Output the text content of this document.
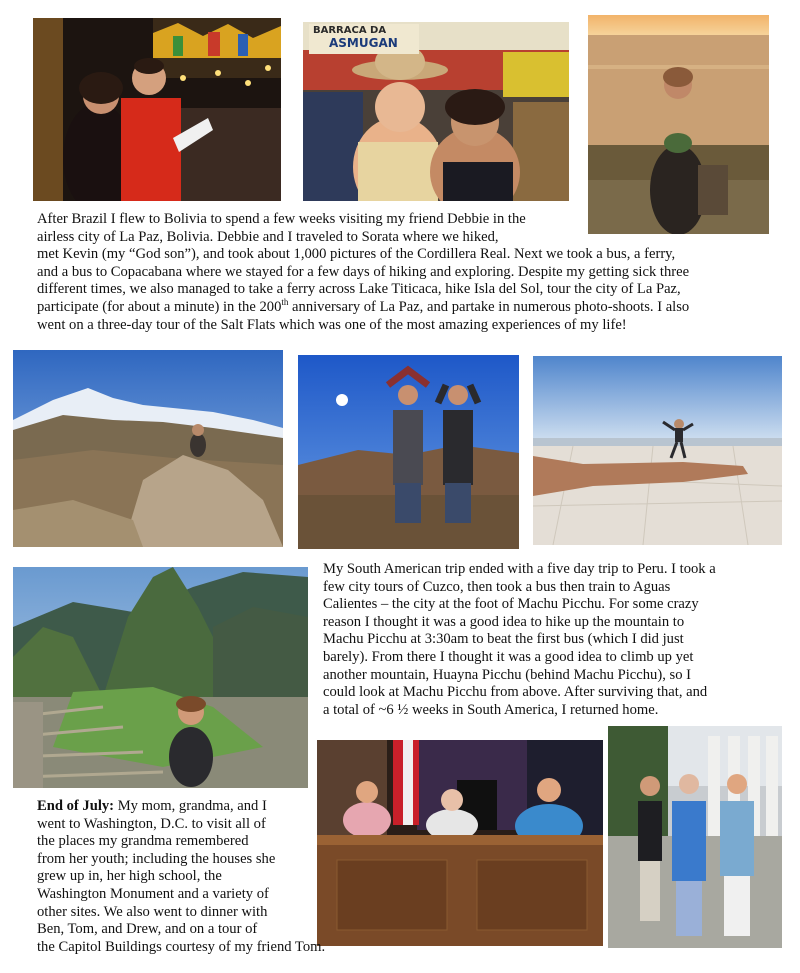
BARRACA DA
ASMUGAN
After Brazil I flew to Bolivia to spend a few weeks visiting my friend Debbie in the
airless city of La Paz, Bolivia. Debbie and I traveled to Sorata where we hiked,
met Kevin (my “God son”), and took about 1,000 pictures of the Cordillera Real. Next we took a bus, a ferry,
and a bus to Copacabana where we stayed for a few days of hiking and exploring. Despite my getting sick three
different times, we also managed to take a ferry across Lake Titicaca, hike Isla del Sol, tour the city of La Paz,
participate (for about a minute) in the 200th anniversary of La Paz, and partake in numerous photo-shoots. I also
went on a three-day tour of the Salt Flats which was one of the most amazing experiences of my life!
My South American trip ended with a five day trip to Peru. I took a
few city tours of Cuzco, then took a bus then train to Aguas
Calientes – the city at the foot of Machu Picchu. For some crazy
reason I thought it was a good idea to hike up the mountain to
Machu Picchu at 3:30am to beat the first bus (which I did just
barely). From there I thought it was a good idea to climb up yet
another mountain, Huayna Picchu (behind Machu Picchu), so I
could look at Machu Picchu from above. After surviving that, and
a total of ~6 ½ weeks in South America, I returned home.
End of July: My mom, grandma, and I
went to Washington, D.C. to visit all of
the places my grandma remembered
from her youth; including the houses she
grew up in, her high school, the
Washington Monument and a variety of
other sites. We also went to dinner with
Ben, Tom, and Drew, and on a tour of
the Capitol Buildings courtesy of my friend Tom.
